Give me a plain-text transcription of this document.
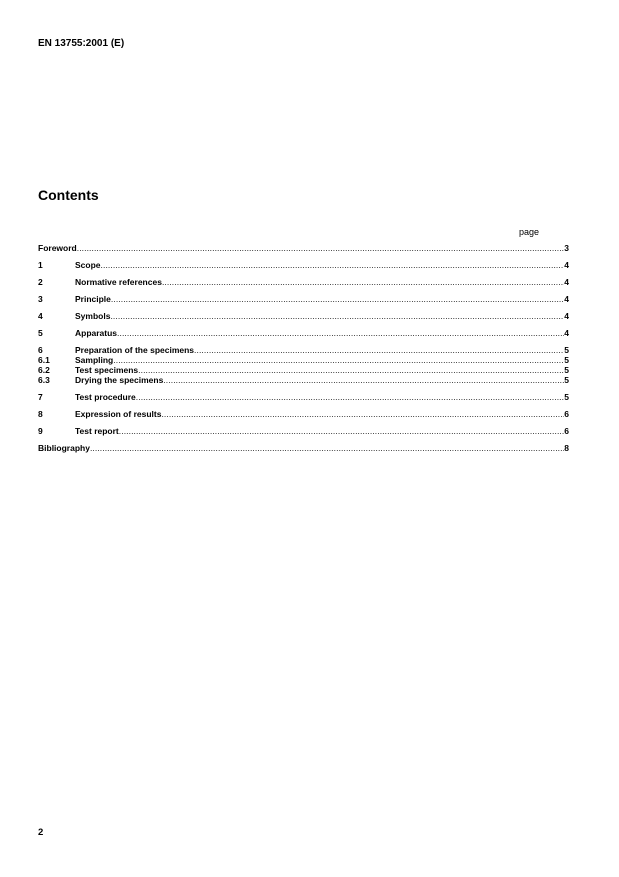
EN 13755:2001 (E)
Contents
page
Foreword .....	3
1	Scope .....	4
2	Normative references .....	4
3	Principle .....	4
4	Symbols .....	4
5	Apparatus .....	4
6	Preparation of the specimens .....	5
6.1	Sampling .....	5
6.2	Test specimens .....	5
6.3	Drying the specimens .....	5
7	Test procedure .....	5
8	Expression of results .....	6
9	Test report .....	6
Bibliography .....	8
2
